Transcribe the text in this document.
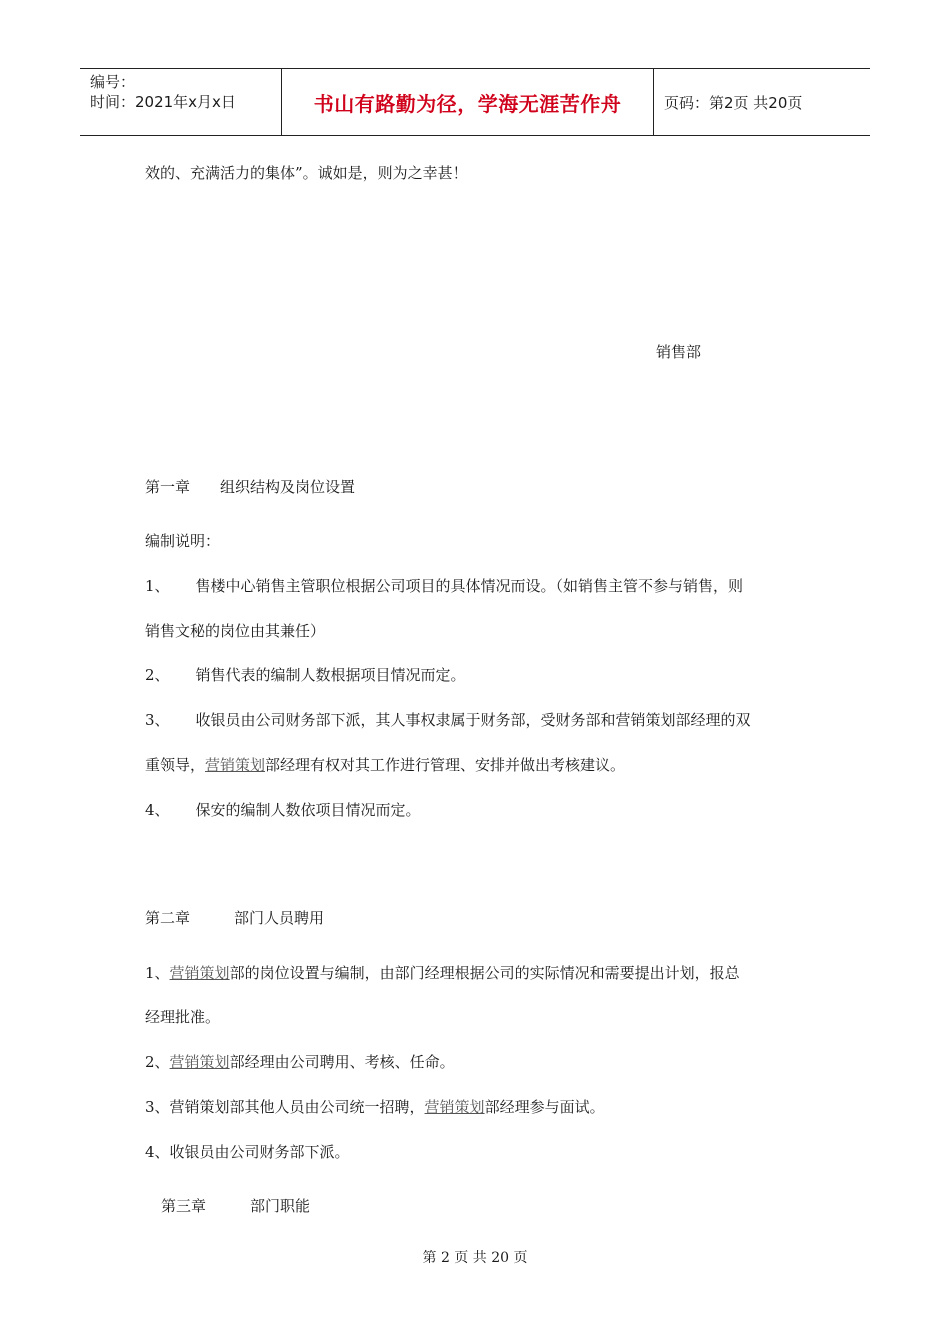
编号：
时间：2021年x月x日	书山有路勤为径，学海无涯苦作舟	页码：第2页 共20页
效的、充满活力的集体”。诚如是，则为之幸甚！
销售部
第一章 组织结构及岗位设置
编制说明：
1、 售楼中心销售主管职位根据公司项目的具体情况而设。（如销售主管不参与销售，则
销售文秘的岗位由其兼任）
2、 销售代表的编制人数根据项目情况而定。
3、 收银员由公司财务部下派，其人事权隶属于财务部，受财务部和营销策划部经理的双
重领导，营销策划部经理有权对其工作进行管理、安排并做出考核建议。
4、 保安的编制人数依项目情况而定。
第二章	部门人员聘用
1、营销策划部的岗位设置与编制，由部门经理根据公司的实际情况和需要提出计划，报总
经理批准。
2、营销策划部经理由公司聘用、考核、任命。
3、营销策划部其他人员由公司统一招聘，营销策划部经理参与面试。
4、收银员由公司财务部下派。
第三章	部门职能
第 2 页 共 20 页
